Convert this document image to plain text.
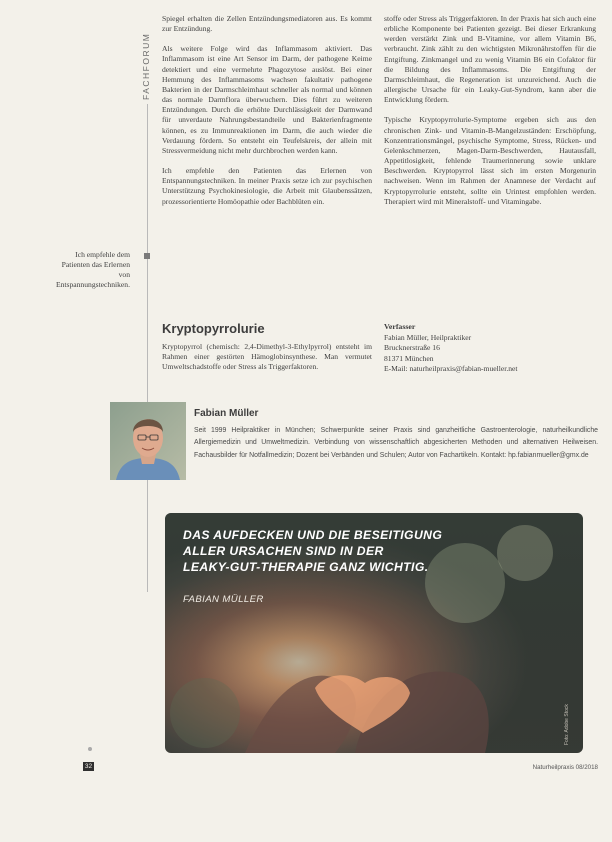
FACHFORUM

Spiegel erhalten die Zellen Entzündungsmediatoren aus. Es kommt zur Entzündung.

Als weitere Folge wird das Inflammasom aktiviert. Das Inflammasom ist eine Art Sensor im Darm, der pathogene Keime detektiert und eine vermehrte Phagozytose auslöst. Bei einer Hemmung des Inflammasoms wachsen fakultativ pathogene Bakterien in der Darmschleimhaut schneller als normal und können das normale Darmflora überwuchern. Dies führt zu weiteren Entzündungen. Durch die erhöhte Durchlässigkeit der Darmwand für unverdaute Nahrungsbestandteile und Bakterienfragmente können, es zu Immunreaktionen im Darm, die auch wieder die Verdauung fördern. So entsteht ein Teufelskreis, der allein mit Stressvermeidung nicht mehr durchbrochen werden kann.

Ich empfehle den Patienten das Erlernen von Entspannungstechniken. In meiner Praxis setze ich zur psychischen Unterstützung Psychokinesiologie, die Arbeit mit Glaubenssätzen, prozessorientierte Homöopathie oder Bachblüten ein.

Ich empfehle dem Patienten das Erlernen von Entspannungstechniken.
Kryptopyrrolurie
Kryptopyrrol (chemisch: 2,4-Dimethyl-3-Ethylpyrrol) entsteht im Rahmen einer gestörten Hämoglobinsynthese. Man vermutet Umweltschadstoffe oder Stress als Triggerfaktoren.

stoffe oder Stress als Triggerfaktoren. In der Praxis hat sich auch eine erbliche Komponente bei Patienten gezeigt. Bei dieser Erkrankung werden verstärkt Zink und B-Vitamine, vor allem Vitamin B6, verbraucht. Zink zählt zu den wichtigsten Mikronährstoffen für die Entgiftung. Zinkmangel und zu wenig Vitamin B6 ein Cofaktor für die Bildung des Inflammasoms. Die Entgiftung der Darmschleimhaut, die Regeneration ist unzureichend. Auch die allergische Ursache für ein Leaky-Gut-Syndrom, kann aber die Entwicklung fördern.

Typische Kryptopyrrolurie-Symptome ergeben sich aus den chronischen Zink- und Vitamin-B-Mangelzuständen: Erschöpfung, Konzentrationsmängel, psychische Symptome, Stress, Rücken- und Gelenkschmerzen, Magen-Darm-Beschwerden, Hautausfall, Appetitlosigkeit, fehlende Traumerinnerung sowie unklare Beschwerden. Kryptopyrrol lässt sich im ersten Morgenurin nachweisen. Wenn im Rahmen der Anamnese der Verdacht auf Kryptopyrrolurie entsteht, sollte ein Urintest empfohlen werden. Therapiert wird mit Mineralstoff- und Vitamingabe.

Verfasser
Fabian Müller, Heilpraktiker
Brucknerstraße 16
81371 München
E-Mail: naturheilpraxis@fabian-mueller.net
Fabian Müller
Seit 1999 Heilpraktiker in München; Schwerpunkte seiner Praxis sind ganzheitliche Gastroenterologie, naturheilkundliche Allergiemedizin und Umweltmedizin. Verbindung von wissenschaftlich abgesicherten Methoden und alternativen Heilweisen. Fachausbilder für Notfallmedizin; Dozent bei Verbänden und Schulen; Autor von Fachartikeln. Kontakt: hp.fabianmueller@gmx.de
DAS AUFDECKEN UND DIE BESEITIGUNG
ALLER URSACHEN SIND IN DER
LEAKY-GUT-THERAPIE GANZ WICHTIG.
FABIAN MÜLLER
Foto: Adobe Stock
32	Naturheilpraxis 08/2018
